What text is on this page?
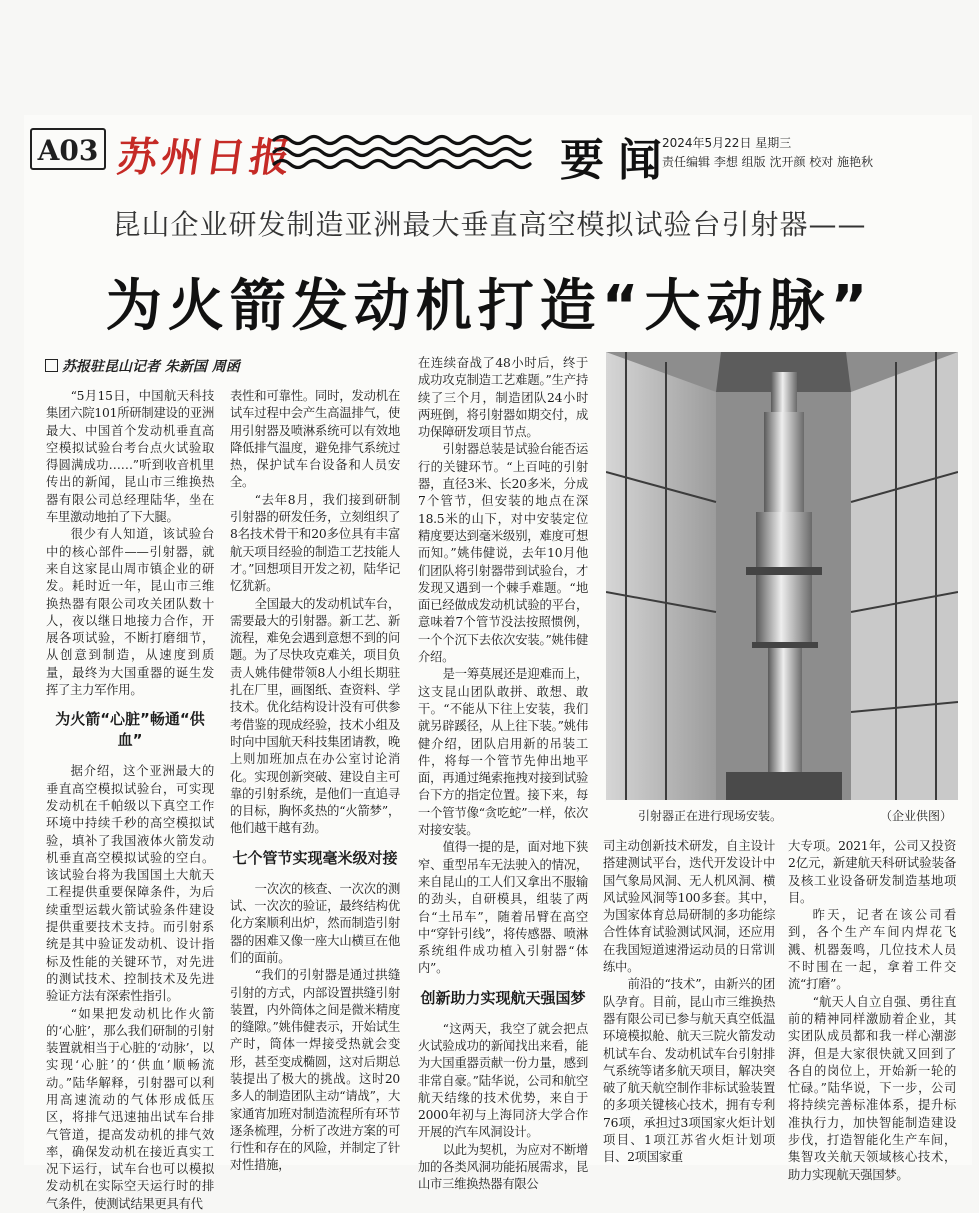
A03 苏州日报	要闻
2024年5月22日 星期三
责任编辑 李想 组版 沈开颜 校对 施艳秋
昆山企业研发制造亚洲最大垂直高空模拟试验台引射器——
为火箭发动机打造“大动脉”
苏报驻昆山记者 朱新国 周函

“5月15日，中国航天科技集团六院101所研制建设的亚洲最大、中国首个发动机垂直高空模拟试验台考台点火试验取得圆满成功……”听到收音机里传出的新闻，昆山市三维换热器有限公司总经理陆华，坐在车里激动地拍了下大腿。

很少有人知道，该试验台中的核心部件——引射器，就来自这家昆山周市镇企业的研发。耗时近一年，昆山市三维换热器有限公司攻关团队数十人，夜以继日地接力合作，开展各项试验，不断打磨细节，从创意到制造，从速度到质量，最终为大国重器的诞生发挥了主力军作用。

为火箭“心脏”畅通“供血”

据介绍，这个亚洲最大的垂直高空模拟试验台，可实现发动机在千帕级以下真空工作环境中持续千秒的高空模拟试验，填补了我国液体火箭发动机垂直高空模拟试验的空白。该试验台将为我国国土大航天工程提供重要保障条件，为后续重型运载火箭试验条件建设提供重要技术支持。而引射系统是其中验证发动机、设计指标及性能的关键环节，对先进的测试技术、控制技术及先进验证方法有深索性指引。

“如果把发动机比作火箭的‘心脏’，那么我们研制的引射装置就相当于心脏的‘动脉’，以实现‘心脏’的‘供血’顺畅流动。”陆华解释，引射器可以利用高速流动的气体形成低压区，将排气迅速抽出试车台排气管道，提高发动机的排气效率，确保发动机在接近真实工况下运行，试车台也可以模拟发动机在实际空天运行时的排气条件，使测试结果更具有代

表性和可靠性。同时，发动机在试车过程中会产生高温排气，使用引射器及喷淋系统可以有效地降低排气温度，避免排气系统过热，保护试车台设备和人员安全。

“去年8月，我们接到研制引射器的研发任务，立刻组织了8名技术骨干和20多位具有丰富航天项目经验的制造工艺技能人才。”回想项目开发之初，陆华记忆犹新。

全国最大的发动机试车台，需要最大的引射器。新工艺、新流程，难免会遇到意想不到的问题。为了尽快攻克难关，项目负责人姚伟健带领8人小组长期驻扎在厂里，画图纸、查资料、学技术。优化结构设计没有可供参考借鉴的现成经验，技术小组及时向中国航天科技集团请教，晚上则加班加点在办公室讨论消化。实现创新突破、建设自主可靠的引射系统，是他们一直追寻的目标，胸怀炙热的“火箭梦”，他们越干越有劲。

七个管节实现毫米级对接

一次次的核查、一次次的测试、一次次的验证，最终结构优化方案顺利出炉，然而制造引射器的困难又像一座大山横亘在他们的面前。

“我们的引射器是通过拱缝引射的方式，内部设置拱缝引射装置，内外筒体之间是微米精度的缝隙。”姚伟健表示，开始试生产时，筒体一焊接受热就会变形，甚至变成椭圆，这对后期总装提出了极大的挑战。这时20多人的制造团队主动“请战”，大家通宵加班对制造流程所有环节逐条梳理，分析了改进方案的可行性和存在的风险，并制定了针对性措施，

在连续奋战了48小时后，终于成功攻克制造工艺难题。”生产持续了三个月，制造团队24小时两班倒，将引射器如期交付，成功保障研发项目节点。

引射器总装是试验台能否运行的关键环节。“上百吨的引射器，直径3米、长20多米，分成7个管节，但安装的地点在深18.5米的山下，对中安装定位精度要达到毫米级别，难度可想而知。”姚伟健说，去年10月他们团队将引射器带到试验台，才发现又遇到一个棘手难题。“地面已经做成发动机试验的平台，意味着7个管节没法按照惯例，一个个沉下去依次安装。”姚伟健介绍。

是一筹莫展还是迎难而上，这支昆山团队敢拼、敢想、敢干。“不能从下往上安装，我们就另辟蹊径，从上往下装。”姚伟健介绍，团队启用新的吊装工件，将每一个管节先伸出地平面，再通过绳索拖拽对接到试验台下方的指定位置。接下来，每一个管节像“贪吃蛇”一样，依次对接安装。

值得一提的是，面对地下狭窄、重型吊车无法驶入的情况，来自昆山的工人们又拿出不服输的劲头，自研模具，组装了两台“土吊车”，随着吊臂在高空中“穿针引线”，将传感器、喷淋系统组件成功植入引射器“体内”。

创新助力实现航天强国梦

“这两天，我空了就会把点火试验成功的新闻找出来看，能为大国重器贡献一份力量，感到非常自豪。”陆华说，公司和航空航天结缘的技术优势，来自于2000年初与上海同济大学合作开展的汽车风洞设计。

以此为契机，为应对不断增加的各类风洞功能拓展需求，昆山市三维换热器有限公

引射器正在进行现场安装。	（企业供图）

司主动创新技术研发，自主设计搭建测试平台，迭代开发设计中国气象局风洞、无人机风洞、横风试验风洞等100多套。其中，为国家体育总局研制的多功能综合性体育试验测试风洞，还应用在我国短道速滑运动员的日常训练中。

前沿的“技术”，由新兴的团队孕育。目前，昆山市三维换热器有限公司已参与航天真空低温环境模拟舱、航天三院火箭发动机试车台、发动机试车台引射排气系统等诸多航天项目，解决突破了航天航空制作非标试验装置的多项关键核心技术，拥有专利76项，承担过3项国家火炬计划项目、1项江苏省火炬计划项目、2项国家重

大专项。2021年，公司又投资2亿元，新建航天科研试验装备及核工业设备研发制造基地项目。

昨天，记者在该公司看到，各个生产车间内焊花飞溅、机器轰鸣，几位技术人员不时围在一起，拿着工件交流“打磨”。

“航天人自立自强、勇往直前的精神同样激励着企业，其实团队成员都和我一样心潮澎湃，但是大家很快就又回到了各自的岗位上，开始新一轮的忙碌。”陆华说，下一步，公司将持续完善标准体系，提升标准执行力，加快智能制造建设步伐，打造智能化生产车间，集智攻关航天领域核心技术，助力实现航天强国梦。
